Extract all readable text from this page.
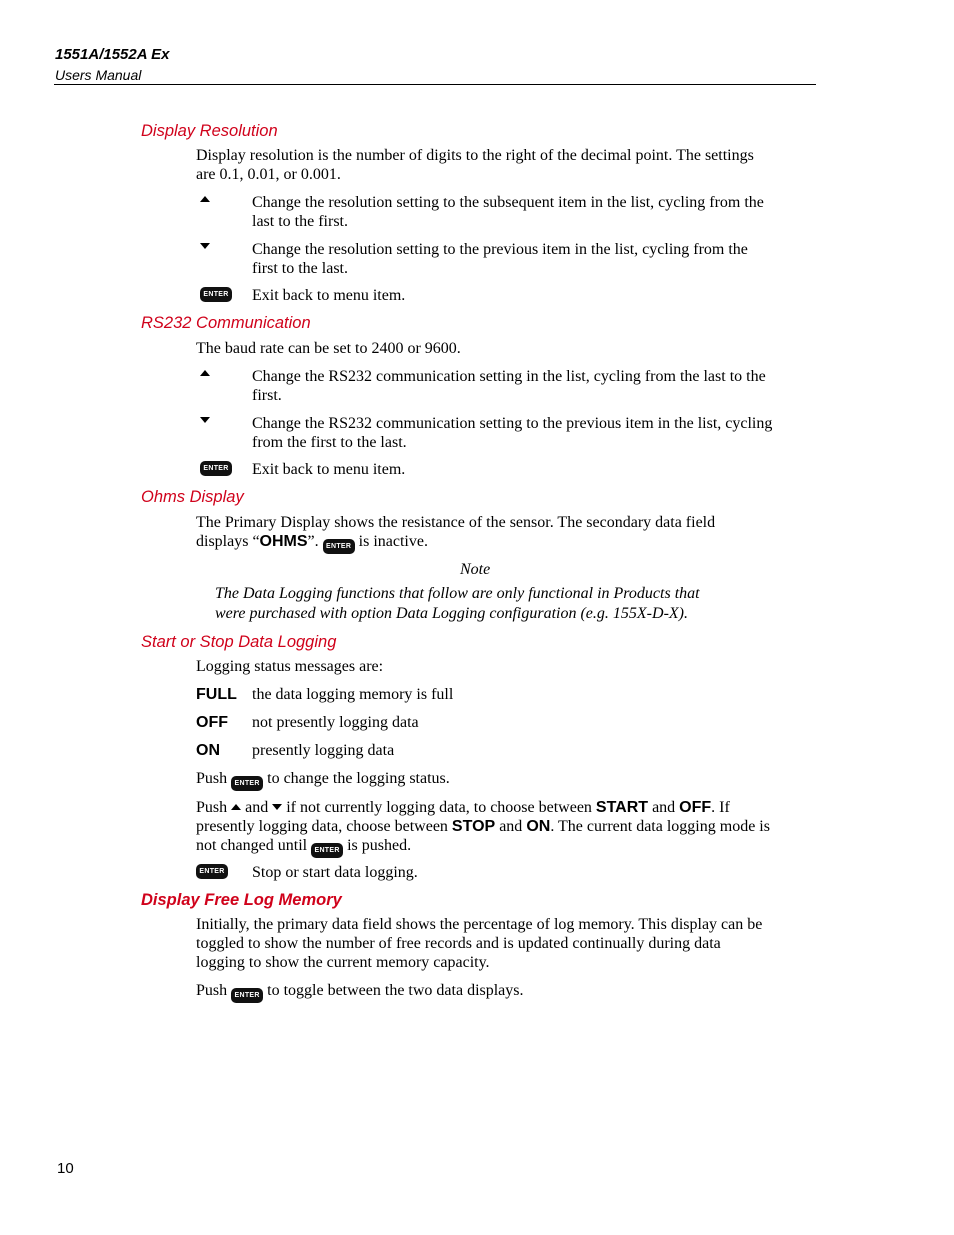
1551A/1552A Ex
Users Manual
Display Resolution
Display resolution is the number of digits to the right of the decimal point. The settings
are 0.1, 0.01, or 0.001.
Change the resolution setting to the subsequent item in the list, cycling from the
last to the first.
Change the resolution setting to the previous item in the list, cycling from the
first to the last.
ENTER Exit back to menu item.
RS232 Communication
The baud rate can be set to 2400 or 9600.
Change the RS232 communication setting in the list, cycling from the last to the
first.
Change the RS232 communication setting to the previous item in the list, cycling
from the first to the last.
ENTER Exit back to menu item.
Ohms Display
The Primary Display shows the resistance of the sensor. The secondary data field
displays “OHMS”. ENTER is inactive.
Note
The Data Logging functions that follow are only functional in Products that
were purchased with option Data Logging configuration (e.g. 155X-D-X).
Start or Stop Data Logging
Logging status messages are:
FULL the data logging memory is full
OFF not presently logging data
ON presently logging data
Push ENTER to change the logging status.
Push  and  if not currently logging data, to choose between START and OFF. If
presently logging data, choose between STOP and ON. The current data logging mode is
not changed until ENTER is pushed.
ENTER Stop or start data logging.
Display Free Log Memory
Initially, the primary data field shows the percentage of log memory. This display can be
toggled to show the number of free records and is updated continually during data
logging to show the current memory capacity.
Push ENTER to toggle between the two data displays.
10
